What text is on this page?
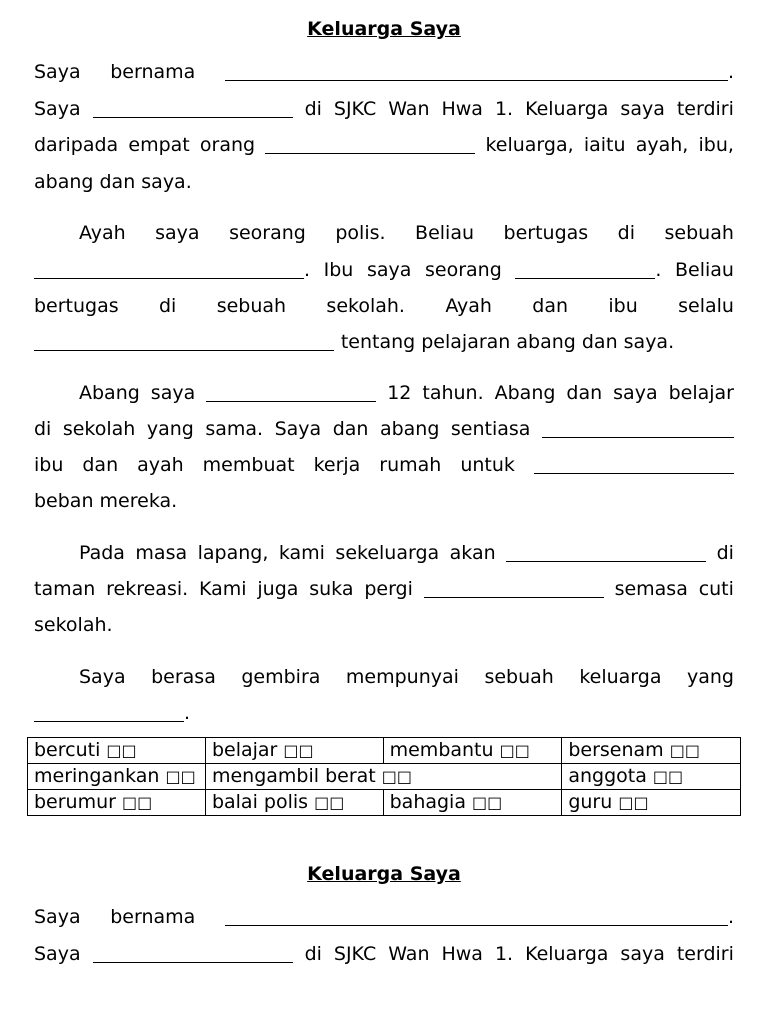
Keluarga Saya
Saya bernama	.
Saya	di SJKC Wan Hwa 1. Keluarga saya terdiri
daripada empat orang	keluarga, iaitu ayah, ibu,
abang dan saya.
Ayah saya seorang polis. Beliau bertugas di sebuah
. Ibu saya seorang	. Beliau
bertugas di sebuah sekolah. Ayah dan ibu selalu
tentang pelajaran abang dan saya.
Abang saya	12 tahun. Abang dan saya belajar
di sekolah yang sama. Saya dan abang sentiasa
ibu dan ayah membuat kerja rumah untuk
beban mereka.
Pada masa lapang, kami sekeluarga akan	di
taman rekreasi. Kami juga suka pergi	semasa cuti
sekolah.
Saya berasa gembira mempunyai sebuah keluarga yang
.
bercuti □□	belajar □□	membantu □□	bersenam □□
meringankan □□	mengambil berat □□		anggota □□
berumur □□	balai polis □□	bahagia □□	guru □□
Keluarga Saya
Saya bernama	.
Saya	di SJKC Wan Hwa 1. Keluarga saya terdiri
